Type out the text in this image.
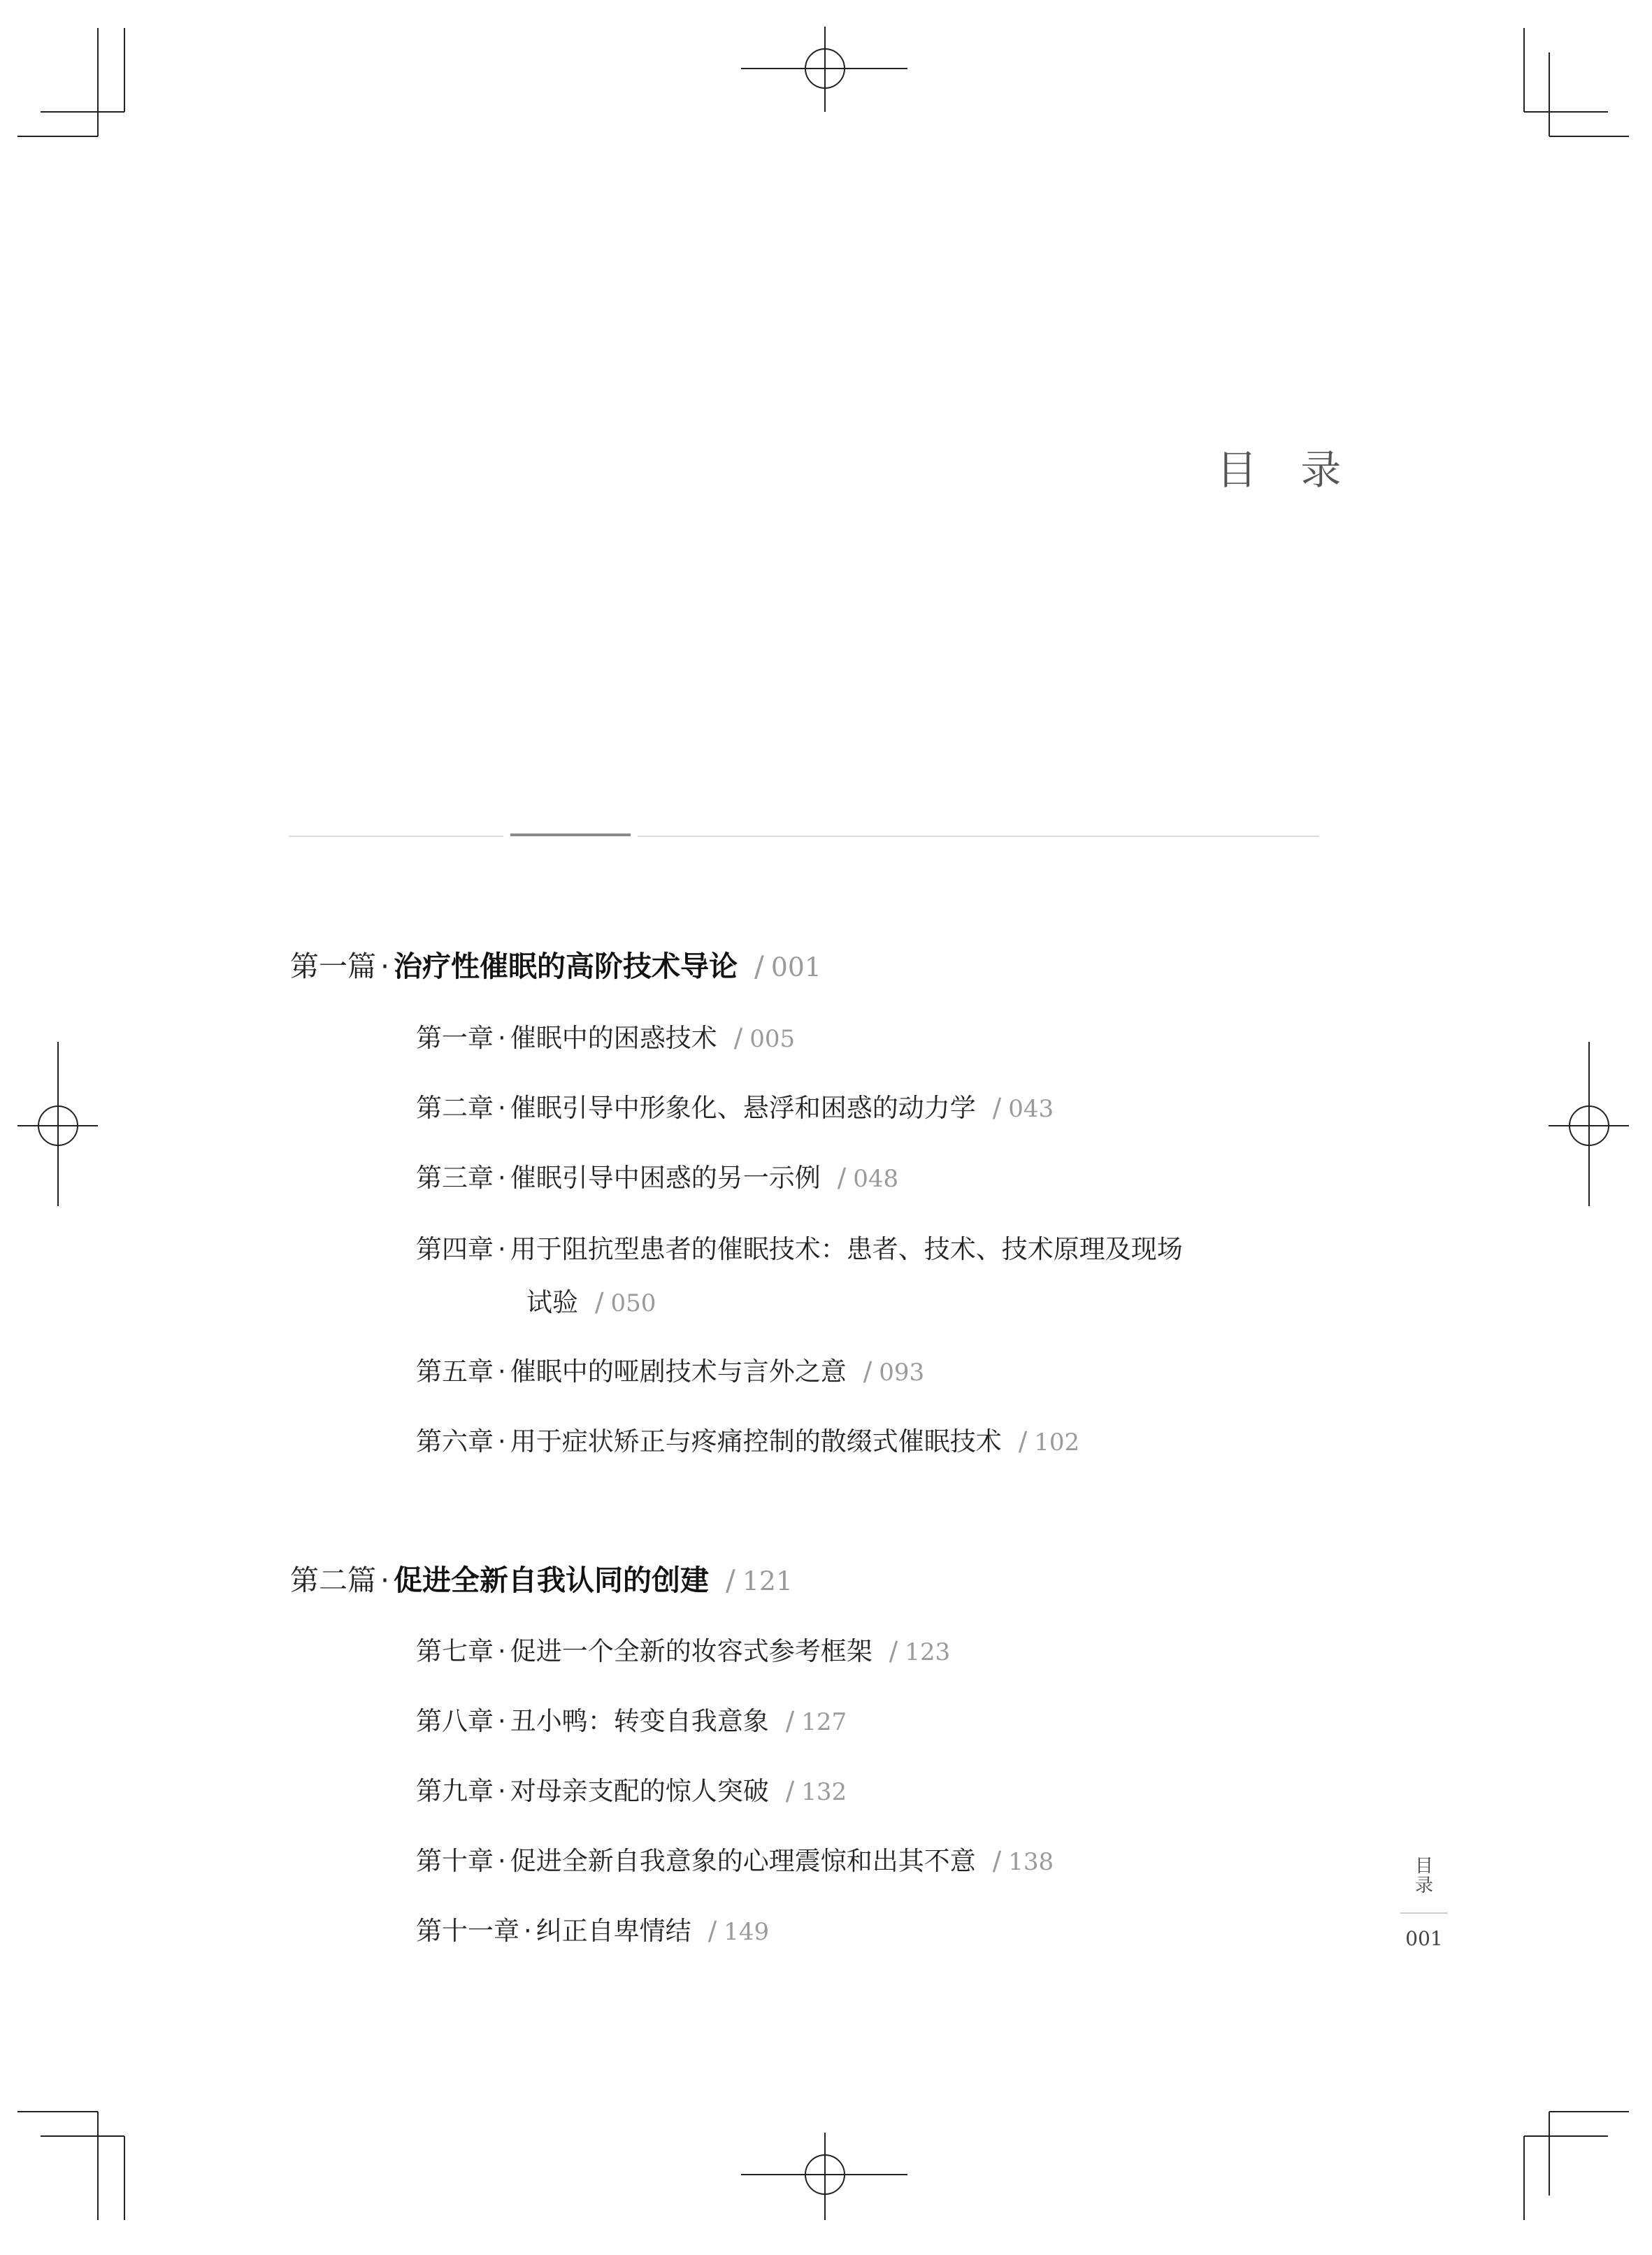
目 录
第一篇 · 治疗性催眠的高阶技术导论 / 001
第一章 · 催眠中的困惑技术 / 005
第二章 · 催眠引导中形象化、悬浮和困惑的动力学 / 043
第三章 · 催眠引导中困惑的另一示例 / 048
第四章 · 用于阻抗型患者的催眠技术：患者、技术、技术原理及现场
试验 / 050
第五章 · 催眠中的哑剧技术与言外之意 / 093
第六章 · 用于症状矫正与疼痛控制的散缀式催眠技术 / 102
第二篇 · 促进全新自我认同的创建 / 121
第七章 · 促进一个全新的妆容式参考框架 / 123
第八章 · 丑小鸭：转变自我意象 / 127
第九章 · 对母亲支配的惊人突破 / 132
第十章 · 促进全新自我意象的心理震惊和出其不意 / 138
第十一章 · 纠正自卑情结 / 149
目
录
001
